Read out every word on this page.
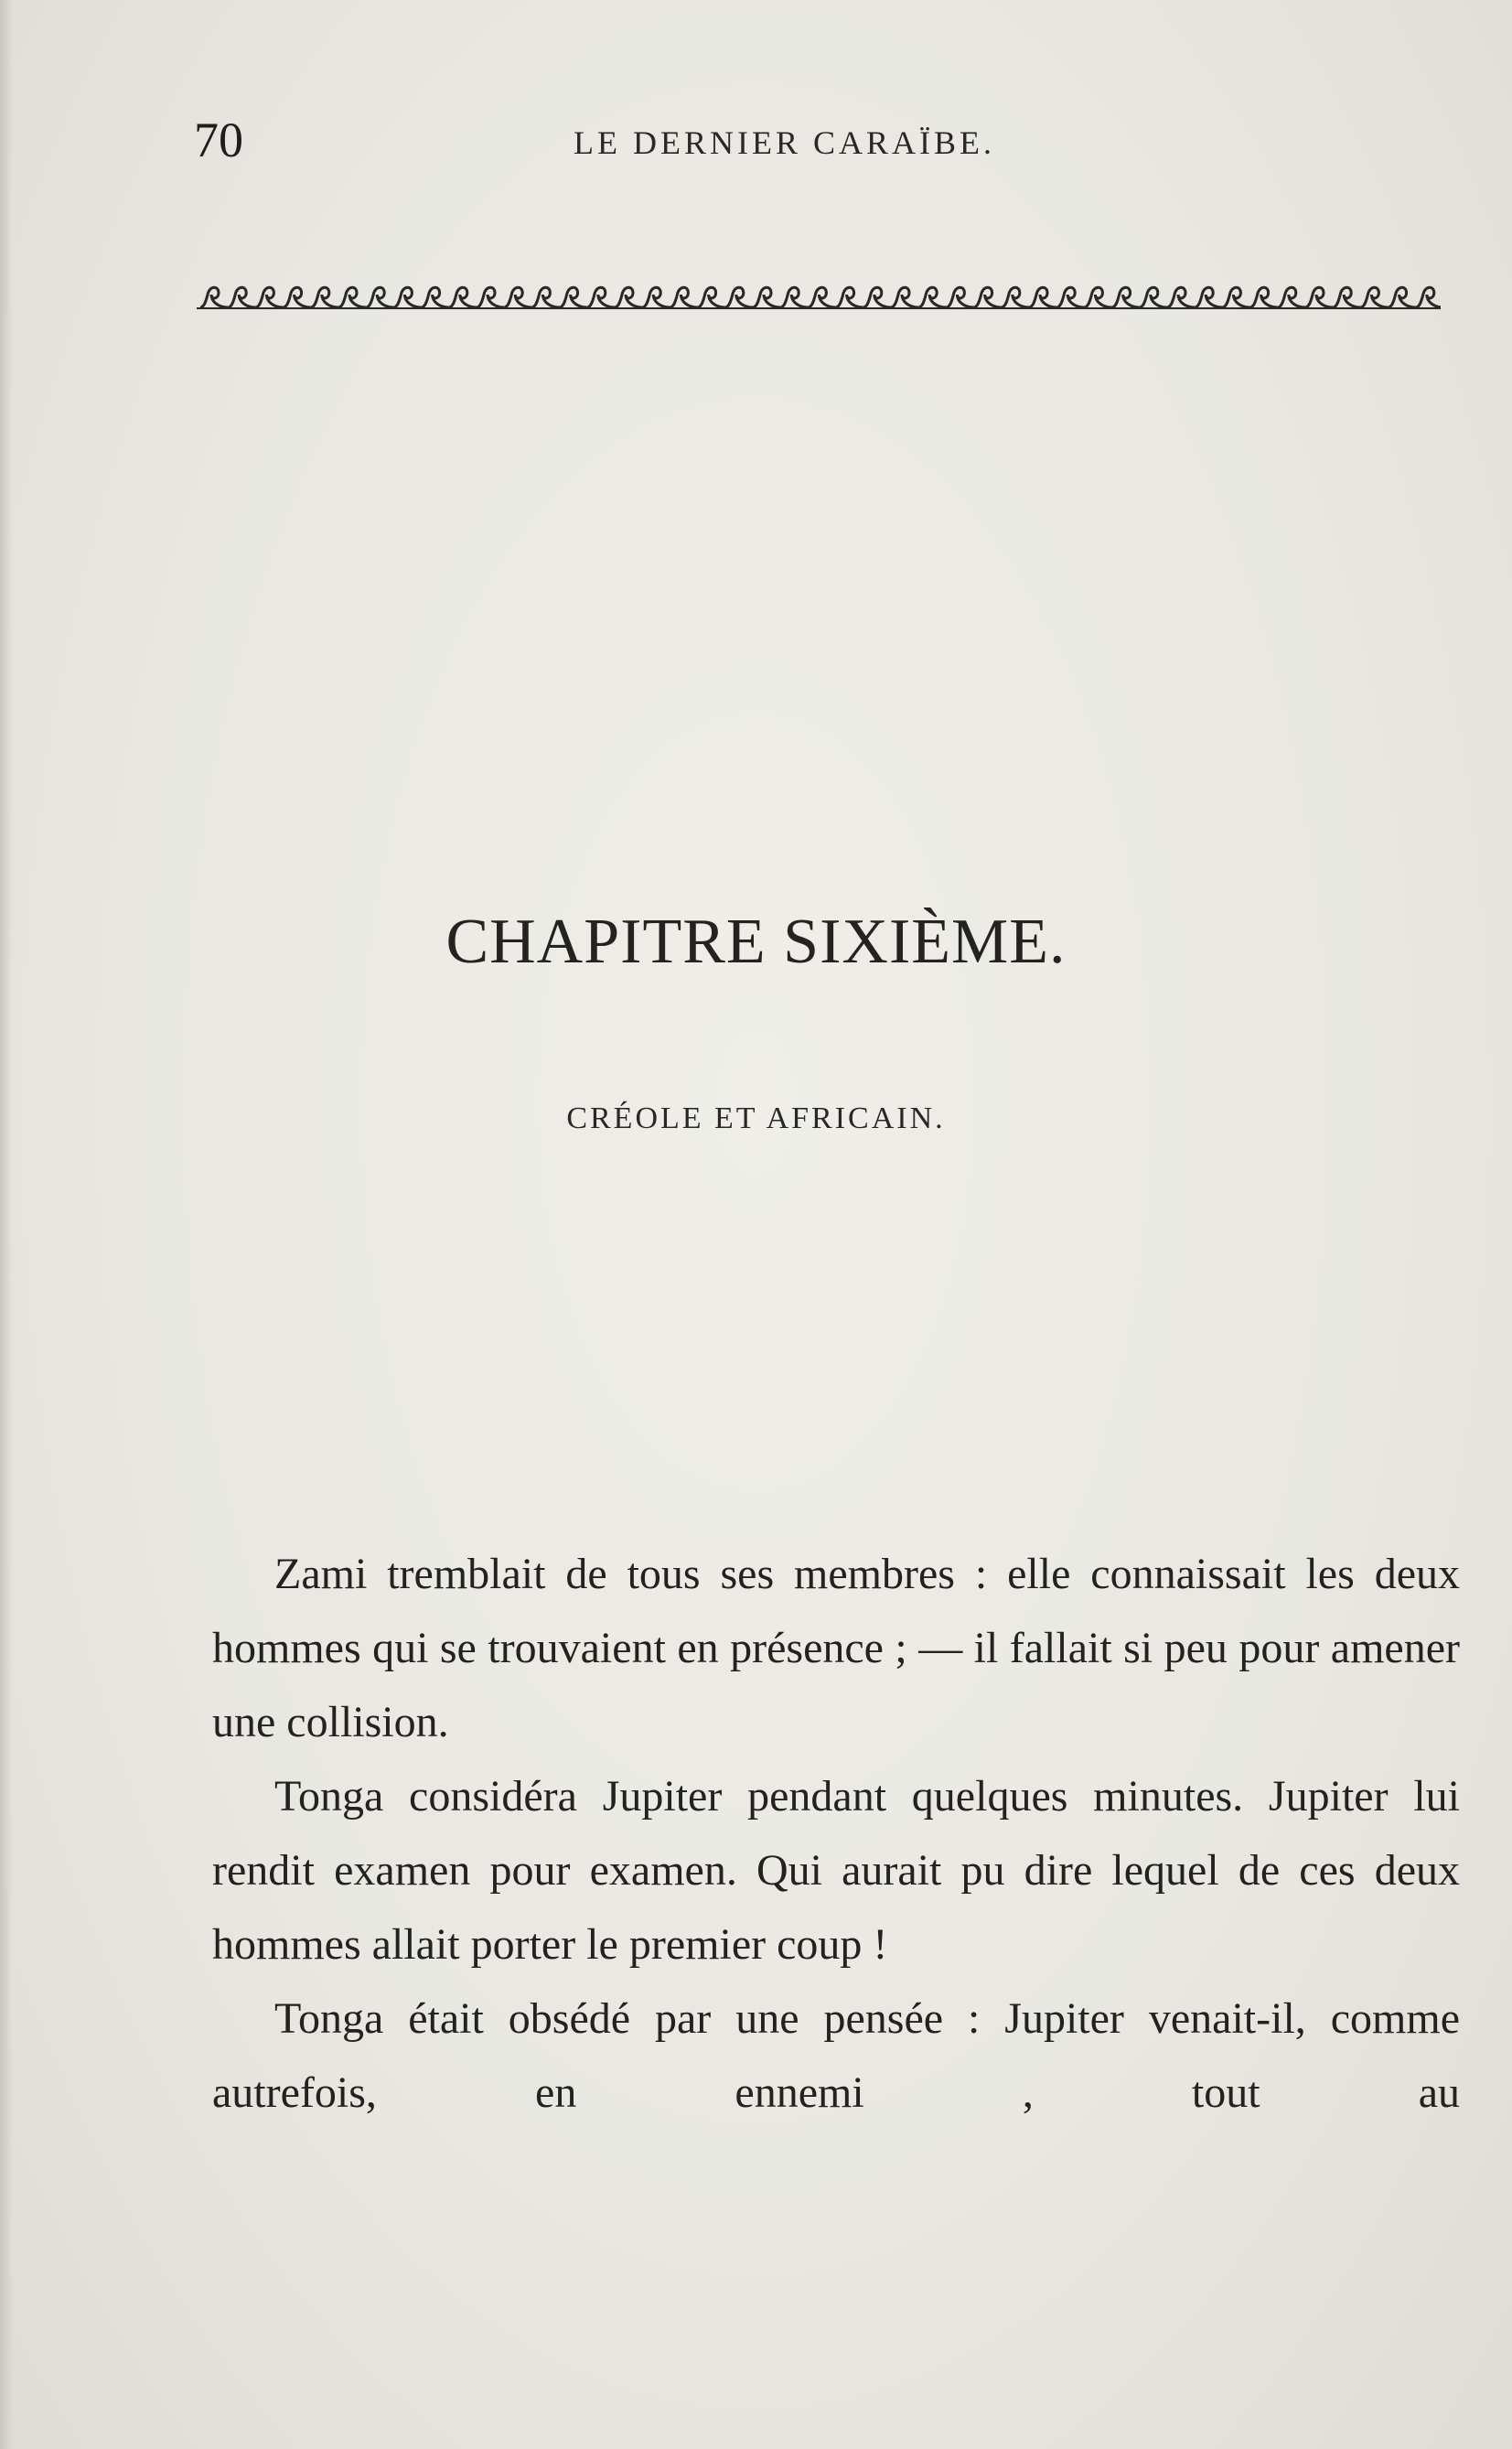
70	LE DERNIER CARAÏBE.
CHAPITRE SIXIÈME.
CRÉOLE ET AFRICAIN.

Zami tremblait de tous ses membres : elle connaissait les deux hommes qui se trouvaient en présence ; — il fallait si peu pour amener une collision.

Tonga considéra Jupiter pendant quelques minutes. Jupiter lui rendit examen pour examen. Qui aurait pu dire lequel de ces deux hommes allait porter le premier coup !

Tonga était obsédé par une pensée : Jupiter venait-il, comme autrefois, en ennemi , tout au
